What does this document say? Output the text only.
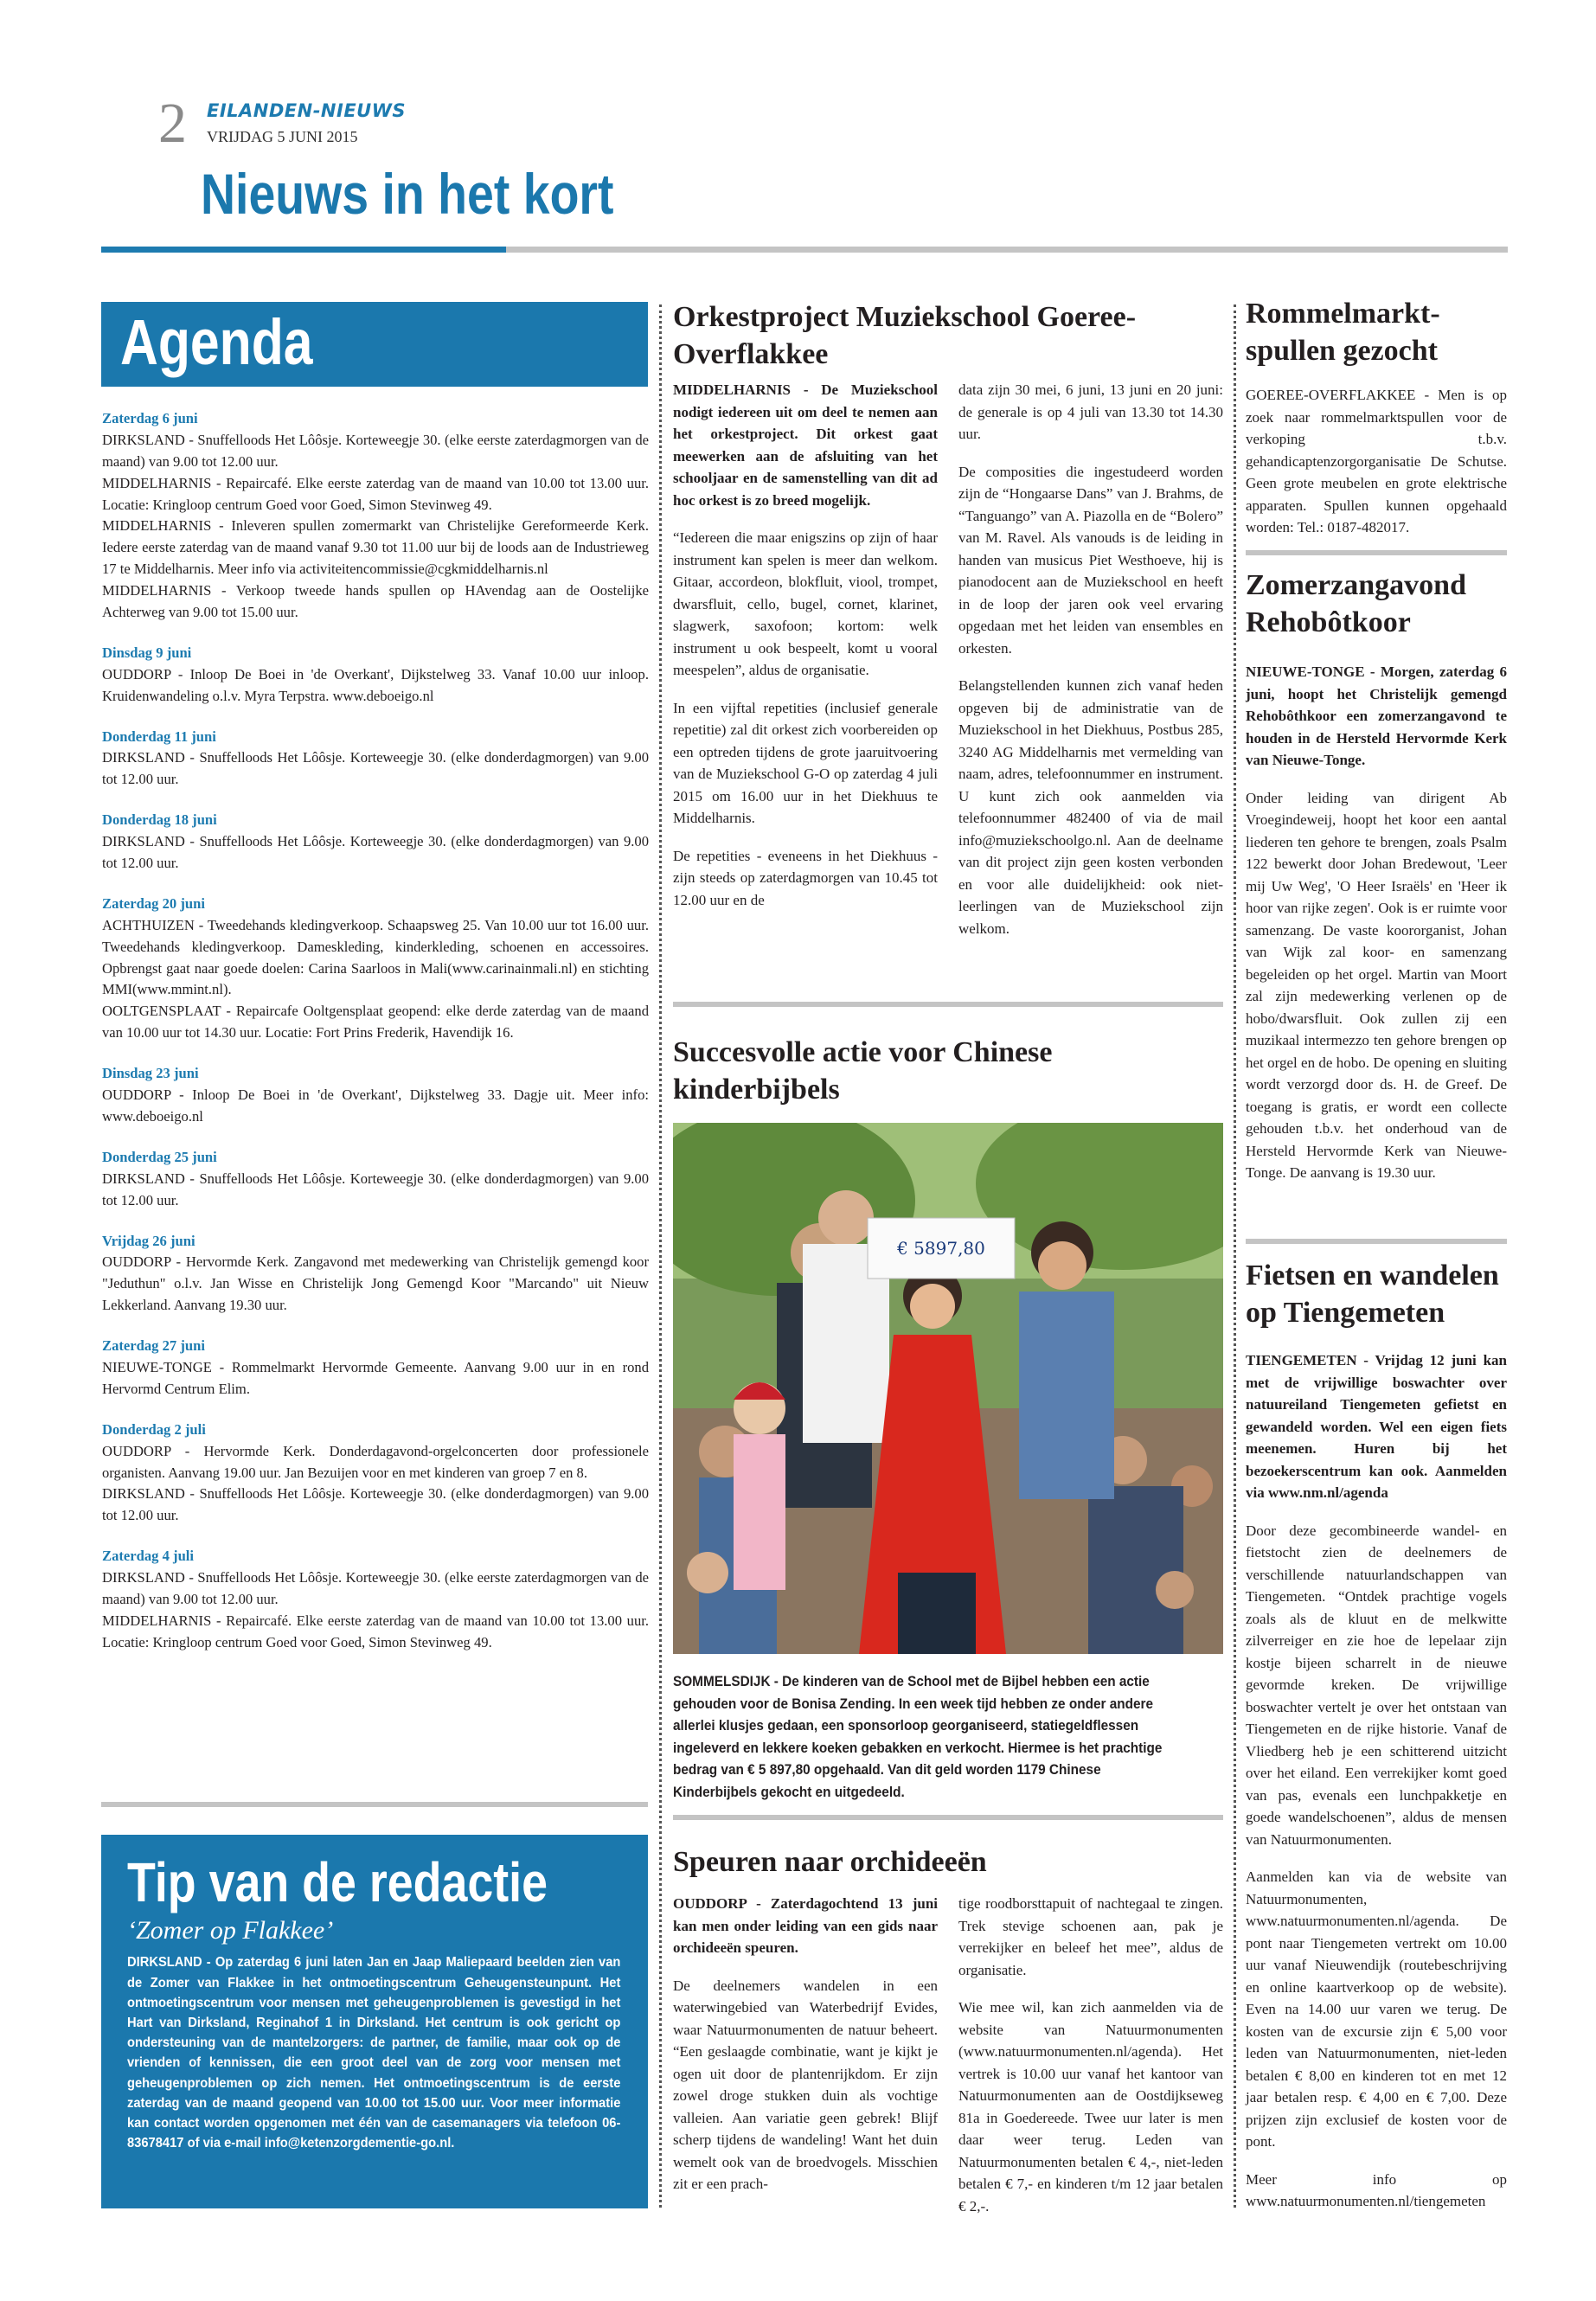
2 EILANDEN-NIEUWS
VRIJDAG 5 JUNI 2015
Nieuws in het kort
Agenda
Zaterdag 6 juni

DIRKSLAND - Snuffelloods Het Lôôsje. Korteweegje 30. (elke eerste zaterdagmorgen van de maand) van 9.00 tot 12.00 uur.
MIDDELHARNIS - Repaircafé. Elke eerste zaterdag van de maand van 10.00 tot 13.00 uur. Locatie: Kringloop centrum Goed voor Goed, Simon Stevinweg 49.
MIDDELHARNIS - Inleveren spullen zomermarkt van Christelijke Gereformeerde Kerk. Iedere eerste zaterdag van de maand vanaf 9.30 tot 11.00 uur bij de loods aan de Industrieweg 17 te Middelharnis. Meer info via activiteitencommissie@cgkmiddelharnis.nl
MIDDELHARNIS - Verkoop tweede hands spullen op HAvendag aan de Oostelijke Achterweg van 9.00 tot 15.00 uur.

Dinsdag 9 juni

OUDDORP - Inloop De Boei in 'de Overkant', Dijkstelweg 33. Vanaf 10.00 uur inloop. Kruidenwandeling o.l.v. Myra Terpstra. www.deboeigo.nl

Donderdag 11 juni

DIRKSLAND - Snuffelloods Het Lôôsje. Korteweegje 30. (elke donderdagmorgen) van 9.00 tot 12.00 uur.

Donderdag 18 juni

DIRKSLAND - Snuffelloods Het Lôôsje. Korteweegje 30. (elke donderdagmorgen) van 9.00 tot 12.00 uur.

Zaterdag 20 juni

ACHTHUIZEN - Tweedehands kledingverkoop. Schaapsweg 25. Van 10.00 uur tot 16.00 uur. Tweedehands kledingverkoop. Dameskleding, kinderkleding, schoenen en accessoires. Opbrengst gaat naar goede doelen: Carina Saarloos in Mali(www.carinainmali.nl) en stichting MMI(www.mmint.nl).
OOLTGENSPLAAT - Repaircafe Ooltgensplaat geopend: elke derde zaterdag van de maand van 10.00 uur tot 14.30 uur. Locatie: Fort Prins Frederik, Havendijk 16.

Dinsdag 23 juni

OUDDORP - Inloop De Boei in 'de Overkant', Dijkstelweg 33. Dagje uit. Meer info: www.deboeigo.nl

Donderdag 25 juni

DIRKSLAND - Snuffelloods Het Lôôsje. Korteweegje 30. (elke donderdagmorgen) van 9.00 tot 12.00 uur.

Vrijdag 26 juni

OUDDORP - Hervormde Kerk. Zangavond met medewerking van Christelijk gemengd koor "Jeduthun" o.l.v. Jan Wisse en Christelijk Jong Gemengd Koor "Marcando" uit Nieuw Lekkerland. Aanvang 19.30 uur.

Zaterdag 27 juni

NIEUWE-TONGE - Rommelmarkt Hervormde Gemeente. Aanvang 9.00 uur in en rond Hervormd Centrum Elim.

Donderdag 2 juli

OUDDORP - Hervormde Kerk. Donderdagavond-orgelconcerten door professionele organisten. Aanvang 19.00 uur. Jan Bezuijen voor en met kinderen van groep 7 en 8.
DIRKSLAND - Snuffelloods Het Lôôsje. Korteweegje 30. (elke donderdagmorgen) van 9.00 tot 12.00 uur.

Zaterdag 4 juli

DIRKSLAND - Snuffelloods Het Lôôsje. Korteweegje 30. (elke eerste zaterdagmorgen van de maand) van 9.00 tot 12.00 uur.
MIDDELHARNIS - Repaircafé. Elke eerste zaterdag van de maand van 10.00 tot 13.00 uur. Locatie: Kringloop centrum Goed voor Goed, Simon Stevinweg 49.

Tip van de redactie
‘Zomer op Flakkee’
DIRKSLAND - Op zaterdag 6 juni laten Jan en Jaap Maliepaard beelden zien van de Zomer van Flakkee in het ontmoetingscentrum Geheugensteunpunt. Het ontmoetingscentrum voor mensen met geheugenproblemen is gevestigd in het Hart van Dirksland, Reginahof 1 in Dirksland. Het centrum is ook gericht op ondersteuning van de mantelzorgers: de partner, de familie, maar ook op de vrienden of kennissen, die een groot deel van de zorg voor mensen met geheugenproblemen op zich nemen. Het ontmoetingscentrum is de eerste zaterdag van de maand geopend van 10.00 tot 15.00 uur. Voor meer informatie kan contact worden opgenomen met één van de casemanagers via telefoon 06-83678417 of via e-mail info@ketenzorgdementie-go.nl.
Orkestproject Muziekschool Goeree-Overflakkee

MIDDELHARNIS - De Muziekschool nodigt iedereen uit om deel te nemen aan het orkestproject. Dit orkest gaat meewerken aan de afsluiting van het schooljaar en de samenstelling van dit ad hoc orkest is zo breed mogelijk.

“Iedereen die maar enigszins op zijn of haar instrument kan spelen is meer dan welkom. Gitaar, accordeon, blokfluit, viool, trompet, dwarsfluit, cello, bugel, cornet, klarinet, slagwerk, saxofoon; kortom: welk instrument u ook bespeelt, komt u vooral meespelen”, aldus de organisatie.

In een vijftal repetities (inclusief generale repetitie) zal dit orkest zich voorbereiden op een optreden tijdens de grote jaaruitvoering van de Muziekschool G-O op zaterdag 4 juli 2015 om 16.00 uur in het Diekhuus te Middelharnis.

De repetities - eveneens in het Diekhuus - zijn steeds op zaterdagmorgen van 10.45 tot 12.00 uur en de

data zijn 30 mei, 6 juni, 13 juni en 20 juni: de generale is op 4 juli van 13.30 tot 14.30 uur.

De composities die ingestudeerd worden zijn de “Hongaarse Dans” van J. Brahms, de “Tanguango” van A. Piazolla en de “Bolero” van M. Ravel. Als vanouds is de leiding in handen van musicus Piet Westhoeve, hij is pianodocent aan de Muziekschool en heeft in de loop der jaren ook veel ervaring opgedaan met het leiden van ensembles en orkesten.

Belangstellenden kunnen zich vanaf heden opgeven bij de administratie van de Muziekschool in het Diekhuus, Postbus 285, 3240 AG Middelharnis met vermelding van naam, adres, telefoonnummer en instrument. U kunt zich ook aanmelden via telefoonnummer 482400 of via de mail info@muziekschoolgo.nl. Aan de deelname van dit project zijn geen kosten verbonden en voor alle duidelijkheid: ook niet-leerlingen van de Muziekschool zijn welkom.

Succesvolle actie voor Chinese kinderbijbels
€ 5897,80
SOMMELSDIJK - De kinderen van de School met de Bijbel hebben een actie gehouden voor de Bonisa Zending. In een week tijd hebben ze onder andere allerlei klusjes gedaan, een sponsorloop georganiseerd, statiegeldflessen ingeleverd en lekkere koeken gebakken en verkocht. Hiermee is het prachtige bedrag van € 5 897,80 opgehaald. Van dit geld worden 1179 Chinese Kinderbijbels gekocht en uitgedeeld.
Speuren naar orchideeën

OUDDORP - Zaterdagochtend 13 juni kan men onder leiding van een gids naar orchideeën speuren.

De deelnemers wandelen in een waterwingebied van Waterbedrijf Evides, waar Natuurmonumenten de natuur beheert. “Een geslaagde combinatie, want je kijkt je ogen uit door de plantenrijkdom. Er zijn zowel droge stukken duin als vochtige valleien. Aan variatie geen gebrek! Blijf scherp tijdens de wandeling! Want het duin wemelt ook van de broedvogels. Misschien zit er een prach-

tige roodborsttapuit of nachtegaal te zingen. Trek stevige schoenen aan, pak je verrekijker en beleef het mee”, aldus de organisatie.

Wie mee wil, kan zich aanmelden via de website van Natuurmonumenten (www.natuurmonumenten.nl/agenda). Het vertrek is 10.00 uur vanaf het kantoor van Natuurmonumenten aan de Oostdijkseweg 81a in Goedereede. Twee uur later is men daar weer terug. Leden van Natuurmonumenten betalen € 4,-, niet-leden betalen € 7,- en kinderen t/m 12 jaar betalen € 2,-.

Rommelmarkt-spullen gezocht

GOEREE-OVERFLAKKEE - Men is op zoek naar rommelmarktspullen voor de verkoping t.b.v. gehandicaptenzorgorganisatie De Schutse. Geen grote meubelen en grote elektrische apparaten. Spullen kunnen opgehaald worden: Tel.: 0187-482017.

Zomerzangavond Rehobôtkoor

NIEUWE-TONGE - Morgen, zaterdag 6 juni, hoopt het Christelijk gemengd Rehobôthkoor een zomerzangavond te houden in de Hersteld Hervormde Kerk van Nieuwe-Tonge.

Onder leiding van dirigent Ab Vroegindeweij, hoopt het koor een aantal liederen ten gehore te brengen, zoals Psalm 122 bewerkt door Johan Bredewout, 'Leer mij Uw Weg', 'O Heer Israëls' en 'Heer ik hoor van rijke zegen'. Ook is er ruimte voor samenzang. De vaste koororganist, Johan van Wijk zal koor- en samenzang begeleiden op het orgel. Martin van Moort zal zijn medewerking verlenen op de hobo/dwarsfluit. Ook zullen zij een muzikaal intermezzo ten gehore brengen op het orgel en de hobo. De opening en sluiting wordt verzorgd door ds. H. de Greef. De toegang is gratis, er wordt een collecte gehouden t.b.v. het onderhoud van de Hersteld Hervormde Kerk van Nieuwe-Tonge. De aanvang is 19.30 uur.

Fietsen en wandelen op Tiengemeten

TIENGEMETEN - Vrijdag 12 juni kan met de vrijwillige boswachter over natuureiland Tiengemeten gefietst en gewandeld worden. Wel een eigen fiets meenemen. Huren bij het bezoekerscentrum kan ook. Aanmelden via www.nm.nl/agenda

Door deze gecombineerde wandel- en fietstocht zien de deelnemers de verschillende natuurlandschappen van Tiengemeten. “Ontdek prachtige vogels zoals als de kluut en de melkwitte zilverreiger en zie hoe de lepelaar zijn kostje bijeen scharrelt in de nieuwe gevormde kreken. De vrijwillige boswachter vertelt je over het ontstaan van Tiengemeten en de rijke historie. Vanaf de Vliedberg heb je een schitterend uitzicht over het eiland. Een verrekijker komt goed van pas, evenals een lunchpakketje en goede wandelschoenen”, aldus de mensen van Natuurmonumenten.

Aanmelden kan via de website van Natuurmonumenten, www.natuurmonumenten.nl/agenda. De pont naar Tiengemeten vertrekt om 10.00 uur vanaf Nieuwendijk (routebeschrijving en online kaartverkoop op de website). Even na 14.00 uur varen we terug. De kosten van de excursie zijn € 5,00 voor leden van Natuurmonumenten, niet-leden betalen € 8,00 en kinderen tot en met 12 jaar betalen resp. € 4,00 en € 7,00. Deze prijzen zijn exclusief de kosten voor de pont.

Meer info op www.natuurmonumenten.nl/tiengemeten
